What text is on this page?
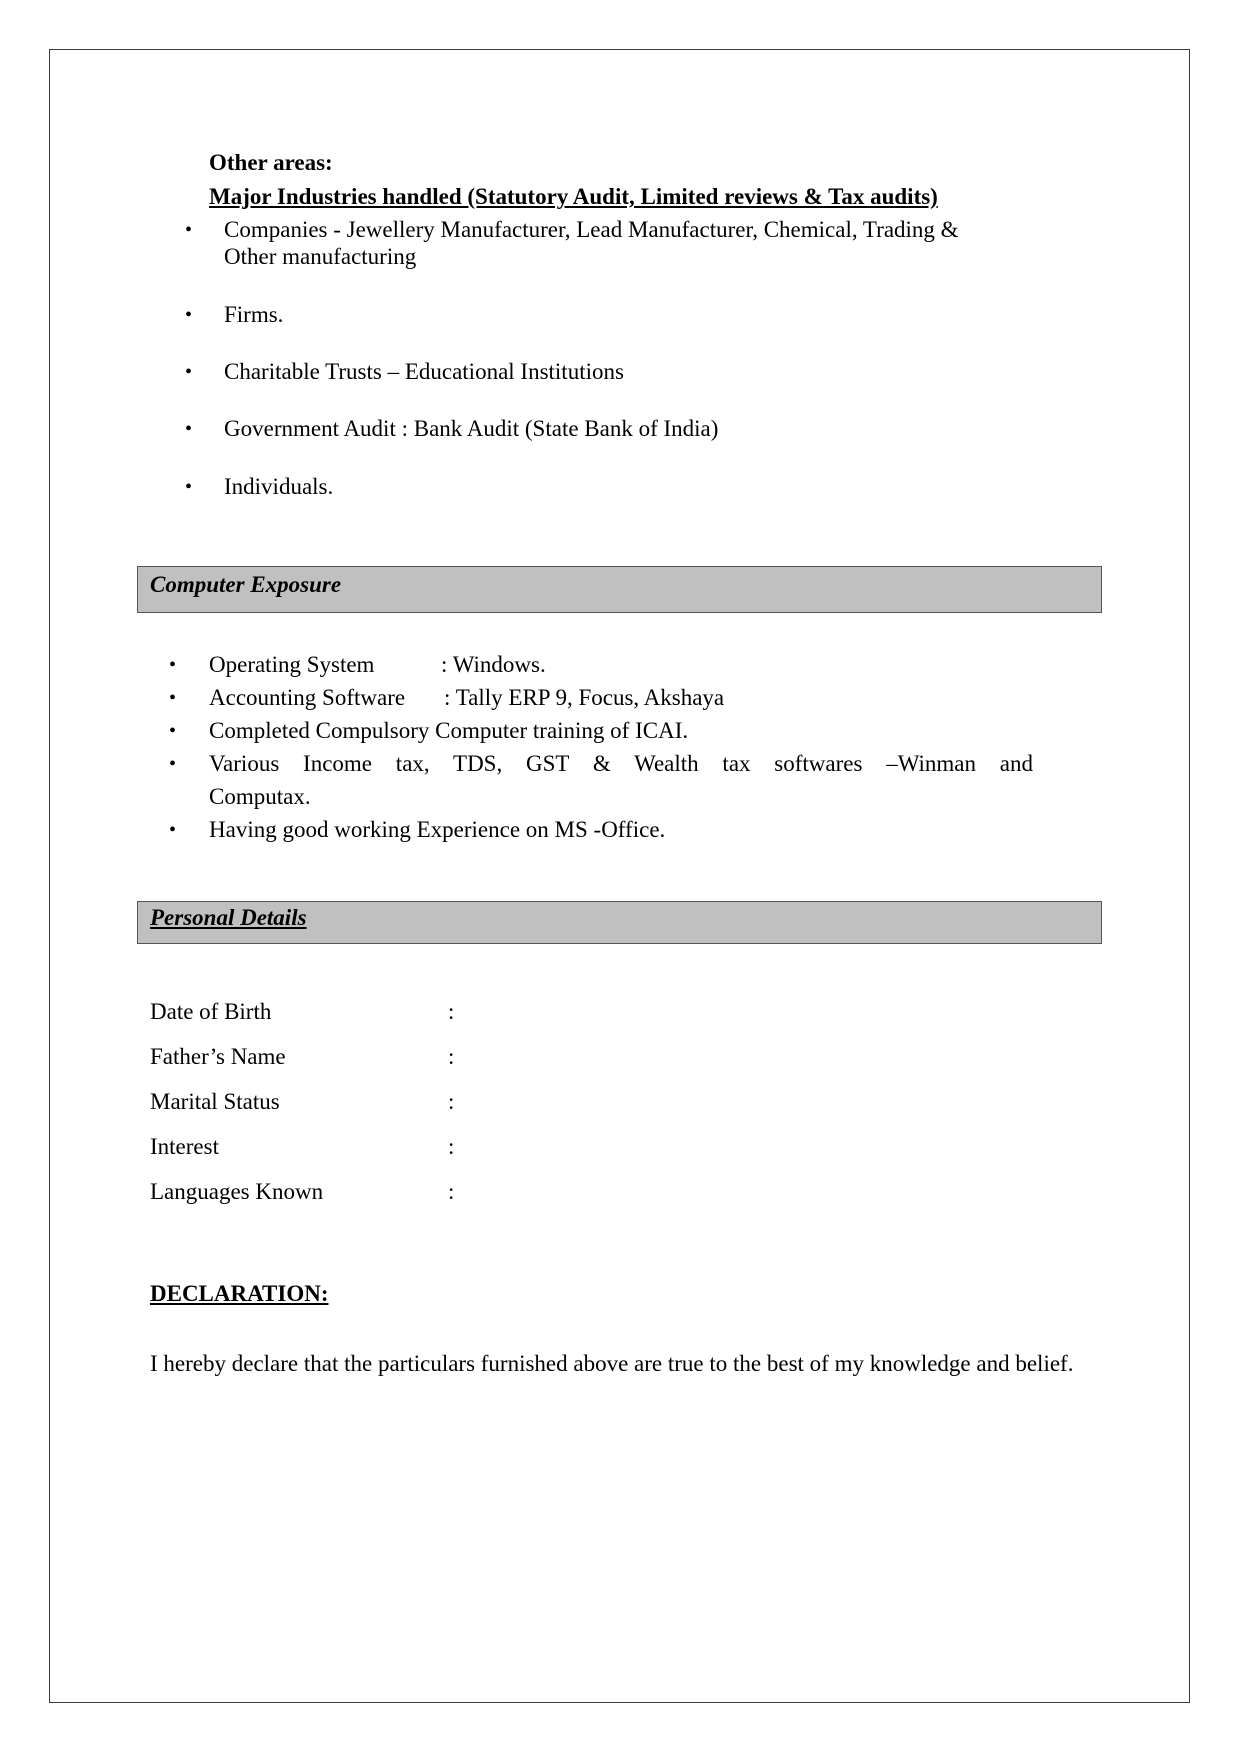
Other areas:
Major Industries handled (Statutory Audit, Limited reviews & Tax audits)
• Companies - Jewellery Manufacturer, Lead Manufacturer, Chemical, Trading &
Other manufacturing
• Firms.
• Charitable Trusts – Educational Institutions
• Government Audit : Bank Audit (State Bank of India)
• Individuals.
Computer Exposure
• Operating System	: Windows.
• Accounting Software : Tally ERP 9, Focus, Akshaya
• Completed Compulsory Computer training of ICAI.
• Various Income tax, TDS, GST & Wealth tax softwares –Winman and
Computax.
• Having good working Experience on MS -Office.
Personal Details
Date of Birth	:
Father’s Name	:
Marital Status	:
Interest	:
Languages Known	:
DECLARATION:
I hereby declare that the particulars furnished above are true to the best of my knowledge and belief.
